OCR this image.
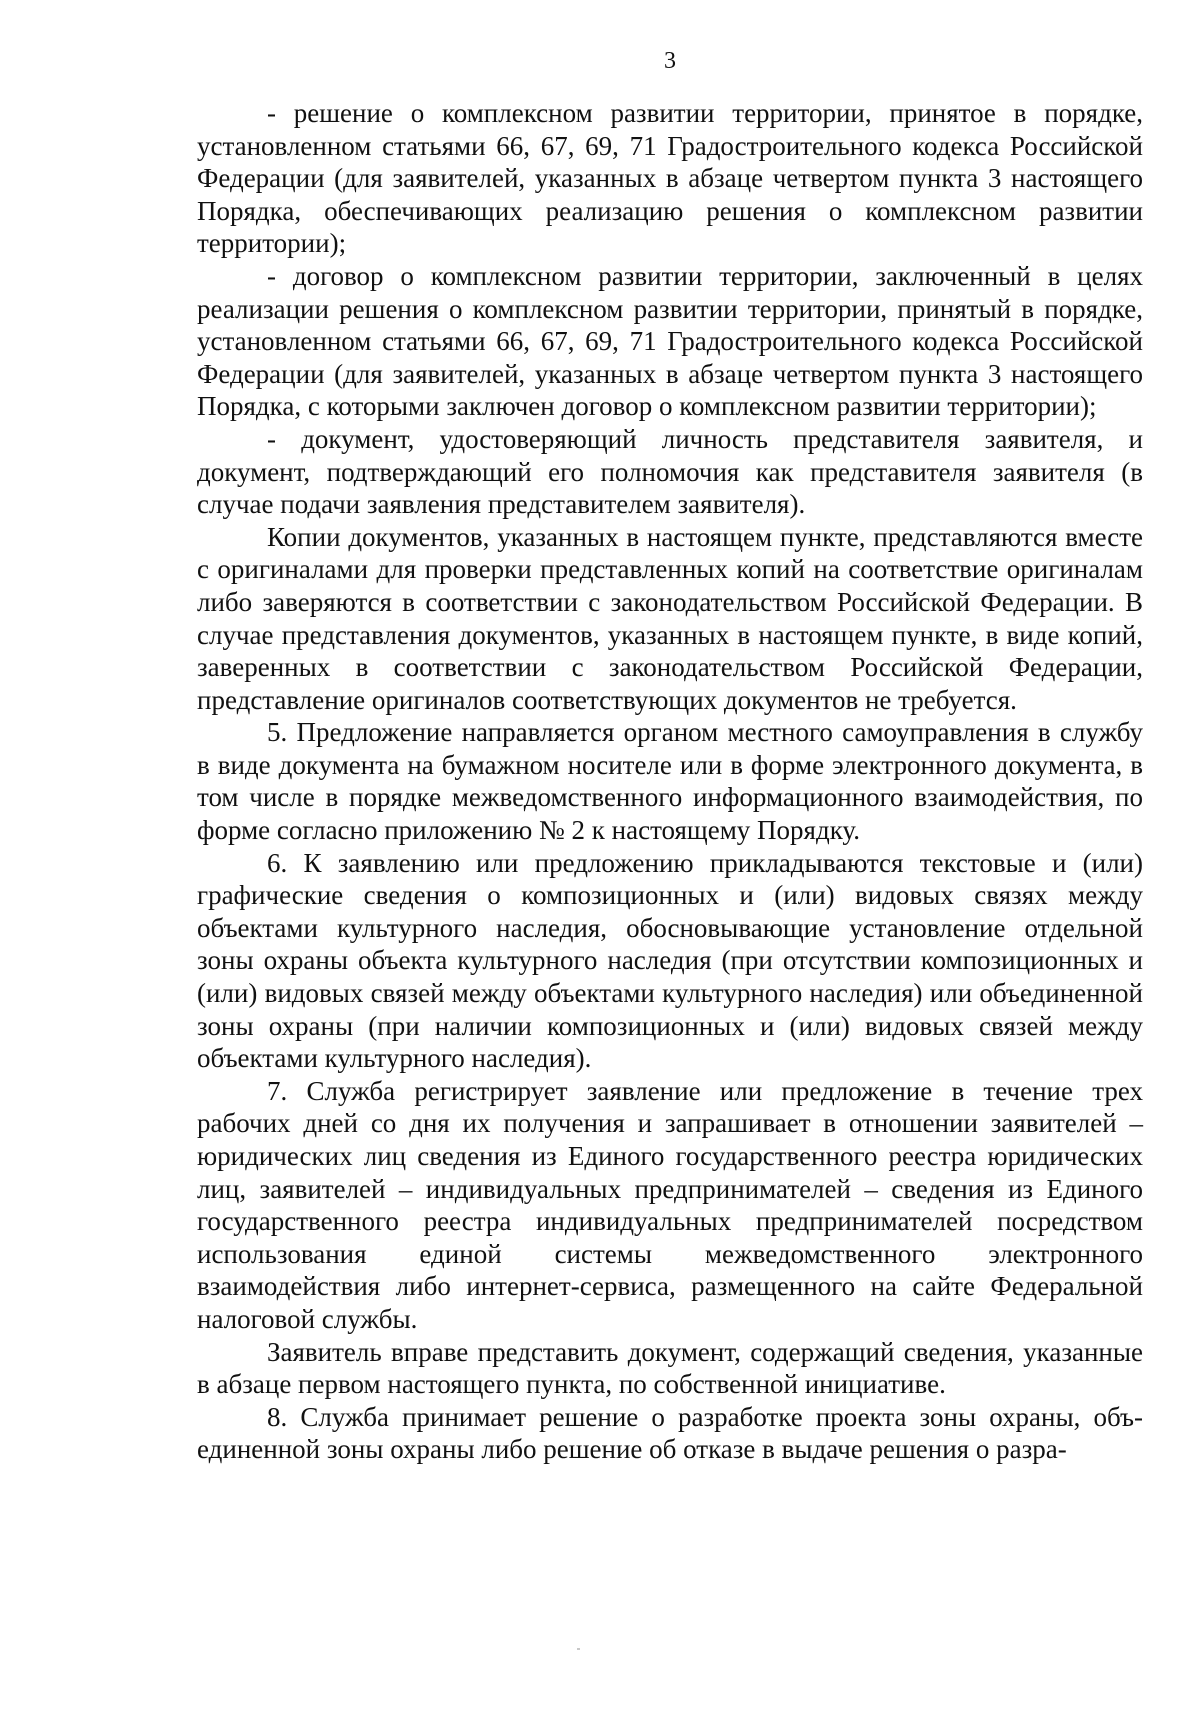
3

- решение о комплексном развитии территории, принятое в порядке, установленном статьями 66, 67, 69, 71 Градостроительного кодекса Российской Федерации (для заявителей, указанных в абзаце четвертом пункта 3 настоящего Порядка, обеспечивающих реализацию решения о комплексном развитии территории);

- договор о комплексном развитии территории, заключенный в целях реализации решения о комплексном развитии территории, принятый в порядке, установленном статьями 66, 67, 69, 71 Градостроительного кодекса Российской Федерации (для заявителей, указанных в абзаце четвертом пункта 3 настоящего Порядка, с которыми заключен договор о комплексном развитии территории);

- документ, удостоверяющий личность представителя заявителя, и документ, подтверждающий его полномочия как представителя заявителя (в случае подачи заявления представителем заявителя).

Копии документов, указанных в настоящем пункте, представляются вместе с оригиналами для проверки представленных копий на соответствие оригиналам либо заверяются в соответствии с законодательством Российской Федерации. В случае представления документов, указанных в настоящем пункте, в виде копий, заверенных в соответствии с законодательством Российской Федерации, представление оригиналов соответствующих документов не требуется.

5. Предложение направляется органом местного самоуправления в службу в виде документа на бумажном носителе или в форме электронного документа, в том числе в порядке межведомственного информационного взаимодействия, по форме согласно приложению № 2 к настоящему Порядку.

6. К заявлению или предложению прикладываются текстовые и (или) графические сведения о композиционных и (или) видовых связях между объектами культурного наследия, обосновывающие установление отдельной зоны охраны объекта культурного наследия (при отсутствии композиционных и (или) видовых связей между объектами культурного наследия) или объединенной зоны охраны (при наличии композиционных и (или) видовых связей между объектами культурного наследия).

7. Служба регистрирует заявление или предложение в течение трех рабочих дней со дня их получения и запрашивает в отношении заявителей – юридических лиц сведения из Единого государственного реестра юридических лиц, заявителей – индивидуальных предпринимателей – сведения из Единого государственного реестра индивидуальных предпринимателей посредством использования единой системы межведомственного электронного взаимодействия либо интернет-сервиса, размещенного на сайте Федеральной налоговой службы.

Заявитель вправе представить документ, содержащий сведения, указанные в абзаце первом настоящего пункта, по собственной инициативе.

8. Служба принимает решение о разработке проекта зоны охраны, объединенной зоны охраны либо решение об отказе в выдаче решения о разра-
